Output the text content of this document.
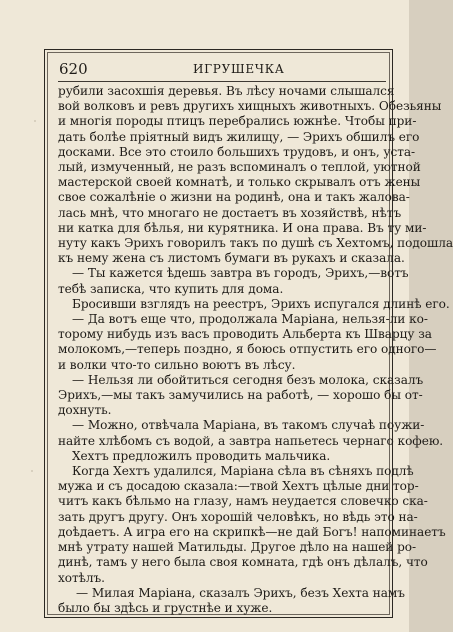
620	ИГРУШЕЧКА
рубили засохшiя деревья. Въ лѣсу ночами слышался
вой волковъ и ревъ другихъ хищныхъ животныхъ. Обезьяны
и многiя породы птицъ перебрались южнѣе. Чтобы при-
дать болѣе прiятный видъ жилищу, — Эрихъ обшилъ его
досками. Все это стоило большихъ трудовъ, и онъ, уста-
лый, измученный, не разъ вспоминалъ о теплой, уютной
мастерской своей комнатѣ, и только скрывалъ отъ жены
свое сожалѣнiе о жизни на родинѣ, она и такъ жалова-
лась мнѣ, что многаго не достаетъ въ хозяйствѣ, нѣтъ
ни катка для бѣлья, ни курятника. И она права. Въ ту ми-
нуту какъ Эрихъ говорилъ такъ по душѣ съ Хехтомъ, подошла
къ нему жена съ листомъ бумаги въ рукахъ и сказала.
— Ты кажется ѣдешь завтра въ городъ, Эрихъ,—вотъ
тебѣ записка, что купить для дома.
Бросивши взглядъ на реестръ, Эрихъ испугался длинѣ его.
— Да вотъ еще что, продолжала Марiана, нельзя-ли ко-
торому нибудь изъ васъ проводить Альберта къ Шварцу за
молокомъ,—теперь поздно, я боюсь отпустить его одного—
и волки что-то сильно воютъ въ лѣсу.
— Нельзя ли обойтиться сегодня безъ молока, сказалъ
Эрихъ,—мы такъ замучились на работѣ, — хорошо бы от-
дохнуть.
— Можно, отвѣчала Марiана, въ такомъ случаѣ поужи-
найте хлѣбомъ съ водой, а завтра напьетесь чернаго кофею.
Хехтъ предложилъ проводить мальчика.
Когда Хехтъ удалился, Марiана сѣла въ сѣняхъ подлѣ
мужа и съ досадою сказала:—твой Хехтъ цѣлые дни тор-
читъ какъ бѣльмо на глазу, намъ неудается словечко ска-
зать другъ другу. Онъ хорошiй человѣкъ, но вѣдь это на-
доѣдаетъ. А игра его на скрипкѣ—не дай Богъ! напоминаетъ
мнѣ утрату нашей Матильды. Другое дѣло на нашей ро-
динѣ, тамъ у него была своя комната, гдѣ онъ дѣлалъ, что
хотѣлъ.
— Милая Марiана, сказалъ Эрихъ, безъ Хехта намъ
было бы здѣсь и грустнѣе и хуже.
